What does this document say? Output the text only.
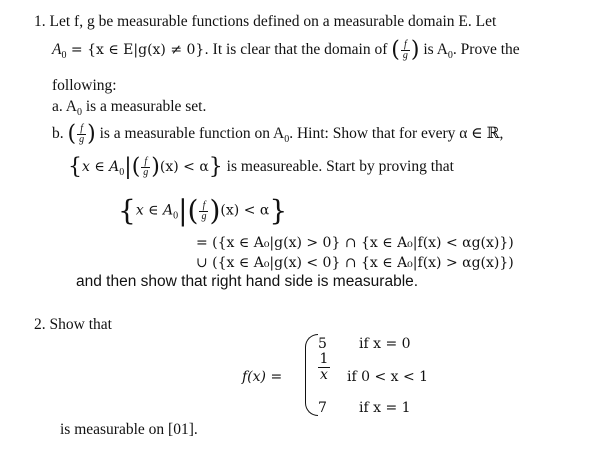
1. Let f, g be measurable functions defined on a measurable domain E. Let
$A_0 = \{x$ ∈ E|g(x) ≠ 0}. It is clear that the domain of ( $\frac{f}{g}$ ) is $A_0$. Prove the
following:
a. $A_0$ is a measurable set.
b. ( $\frac{f}{g}$ ) is a measurable function on $A_0$. Hint: Show that for every α ∈ ℝ,
{x ∈ $A_0|( \frac{f}{g} )(x) < \alpha$} is measureable. Start by proving that
{x ∈ $A_0|( \frac{f}{g} )(x) < \alpha$}
= ({x ∈ A₀|g(x) > 0} ∩ {x ∈ A₀|f(x) < αg(x)})
∪ ({x ∈ A₀|g(x) < 0} ∩ {x ∈ A₀|f(x) > αg(x)})
and then show that right hand side is measurable.
2. Show that
f(x) =
5 if x = 0
1
x if 0 < x < 1
7 if x = 1
is measurable on [01].
